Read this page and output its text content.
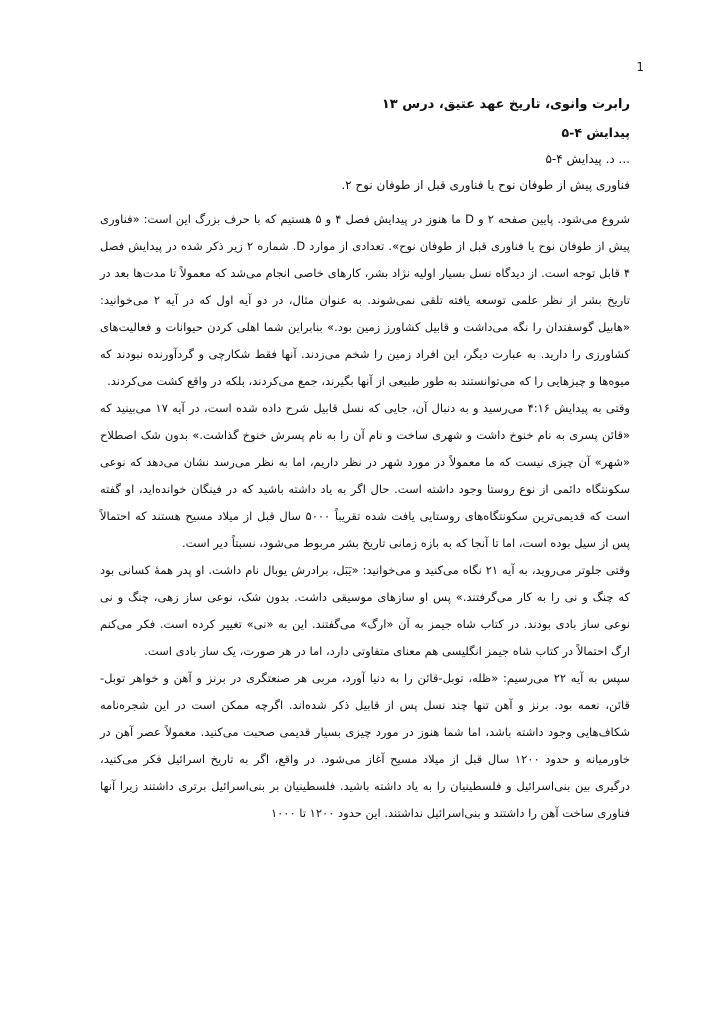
1
رابرت وانوی، تاریخ عهد عتیق، درس ۱۳
پیدایش ۴-۵
... د. پیدایش ۴-۵
فناوری پیش از طوفان نوح یا فناوری قبل از طوفان نوح ۲.

شروع می‌شود. پایین صفحه ۲ و D ما هنوز در پیدایش فصل ۴ و ۵ هستیم که با حرف بزرگ این است: «فناوری پیش از طوفان نوح یا فناوری قبل از طوفان نوح». تعدادی از موارد D. شماره ۲ زیر ذکر شده در پیدایش فصل ۴ قابل توجه است. از دیدگاه نسل بسیار اولیه نژاد بشر، کارهای خاصی انجام می‌شد که معمولاً تا مدت‌ها بعد در تاریخ بشر از نظر علمی توسعه یافته تلقی نمی‌شوند. به عنوان مثال، در دو آیه اول که در آیه ۲ می‌خوانید: «هابیل گوسفندان را نگه می‌داشت و قابیل کشاورز زمین بود.» بنابراین شما اهلی کردن حیوانات و فعالیت‌های کشاورزی را دارید. به عبارت دیگر، این افراد زمین را شخم می‌زدند. آنها فقط شکارچی و گردآورنده نبودند که میوه‌ها و چیزهایی را که می‌توانستند به طور طبیعی از آنها بگیرند، جمع می‌کردند، بلکه در واقع کشت می‌کردند.

وقتی به پیدایش ۴:۱۶ می‌رسید و به دنبال آن، جایی که نسل قابیل شرح داده شده است، در آیه ۱۷ می‌بینید که «قائن پسری به نام خنوخ داشت و شهری ساخت و نام آن را به نام پسرش خنوخ گذاشت.» بدون شک اصطلاح «شهر» آن چیزی نیست که ما معمولاً در مورد شهر در نظر داریم، اما به نظر می‌رسد نشان می‌دهد که نوعی سکونتگاه دائمی از نوع روستا وجود داشته است. حال اگر به یاد داشته باشید که در فینگان خوانده‌اید، او گفته است که قدیمی‌ترین سکونتگاه‌های روستایی یافت شده تقریباً ۵۰۰۰ سال قبل از میلاد مسیح هستند که احتمالاً پس از سیل بوده است، اما تا آنجا که به بازه زمانی تاریخ بشر مربوط می‌شود، نسبتاً دیر است.

وقتی جلوتر می‌روید، به آیه ۲۱ نگاه می‌کنید و می‌خوانید: «یَبَل، برادرش یوبال نام داشت. او پدر همهٔ کسانی بود که چنگ و نی را به کار می‌گرفتند.» پس او سازهای موسیقی داشت. بدون شک، نوعی ساز زهی، چنگ و نی نوعی ساز بادی بودند. در کتاب شاه جیمز به آن «ارگ» می‌گفتند. این به «نی» تغییر کرده است. فکر می‌کنم ارگ احتمالاً در کتاب شاه جیمز انگلیسی هم معنای متفاوتی دارد، اما در هر صورت، یک ساز بادی است.

سپس به آیه ۲۲ می‌رسیم: «ظله، توبل-قائن را به دنیا آورد، مربی هر صنعتگری در برنز و آهن و خواهر توبل-قائن، نعمه بود. برنز و آهن تنها چند نسل پس از قابیل ذکر شده‌اند. اگرچه ممکن است در این شجره‌نامه شکاف‌هایی وجود داشته باشد، اما شما هنوز در مورد چیزی بسیار قدیمی صحبت می‌کنید. معمولاً عصر آهن در خاورمیانه و حدود ۱۲۰۰ سال قبل از میلاد مسیح آغاز می‌شود. در واقع، اگر به تاریخ اسرائیل فکر می‌کنید، درگیری بین بنی‌اسرائیل و فلسطینیان را به یاد داشته باشید. فلسطینیان بر بنی‌اسرائیل برتری داشتند زیرا آنها فناوری ساخت آهن را داشتند و بنی‌اسرائیل نداشتند. این حدود ۱۲۰۰ تا ۱۰۰۰
